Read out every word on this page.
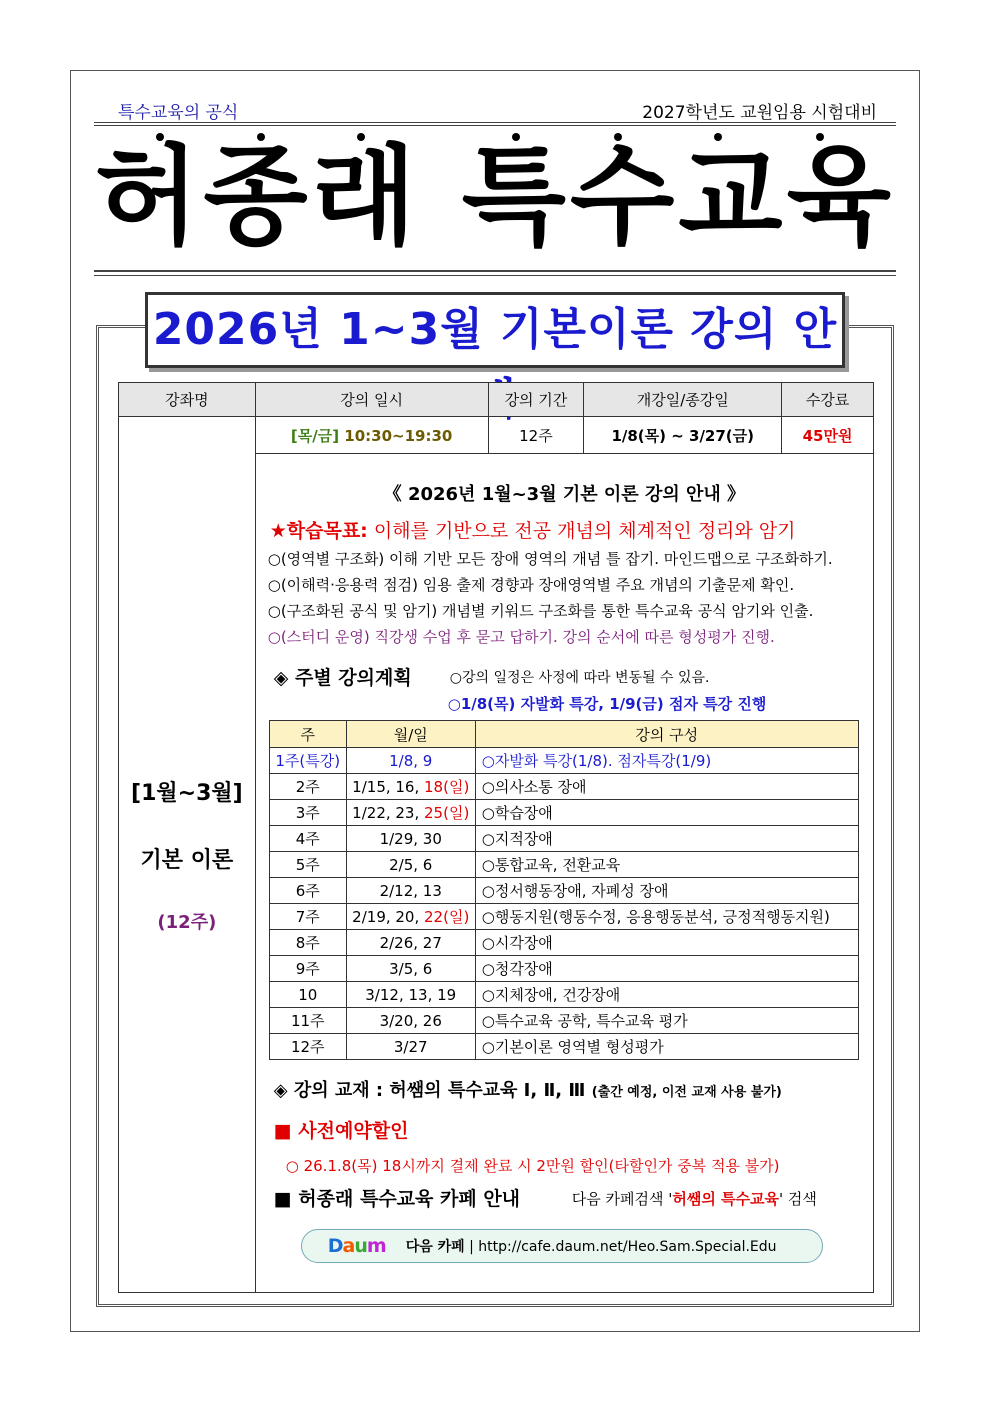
특수교육의 공식	2027학년도 교원임용 시험대비
허종래 특수교육
2026년 1~3월 기본이론 강의 안
강좌명	강의 일시	강의 기간	개강일/종강일	수강료

[1월~3월]
기본 이론
(12주)
	[목/금] 10:30~19:30	12주	1/8(목) ~ 3/27(금)	45만원

《 2026년 1월~3월 기본 이론 강의 안내 》
★학습목표: 이해를 기반으로 전공 개념의 체계적인 정리와 암기
○(영역별 구조화) 이해 기반 모든 장애 영역의 개념 틀 잡기. 마인드맵으로 구조화하기.
○(이해력·응용력 점검) 임용 출제 경향과 장애영역별 주요 개념의 기출문제 확인.
○(구조화된 공식 및 암기) 개념별 키워드 구조화를 통한 특수교육 공식 암기와 인출.
○(스터디 운영) 직강생 수업 후 묻고 답하기. 강의 순서에 따른 형성평가 진행.
◈ 주별 강의계획	○강의 일정은 사정에 따라 변동될 수 있음.
○1/8(목) 자발화 특강, 1/9(금) 점자 특강 진행
주	월/일	강의 구성
1주(특강)	1/8, 9	○자발화 특강(1/8). 점자특강(1/9)
2주	1/15, 16, 18(일)	○의사소통 장애
3주	1/22, 23, 25(일)	○학습장애
4주	1/29, 30	○지적장애
5주	2/5, 6	○통합교육, 전환교육
6주	2/12, 13	○정서행동장애, 자폐성 장애
7주	2/19, 20, 22(일)	○행동지원(행동수정, 응용행동분석, 긍정적행동지원)
8주	2/26, 27	○시각장애
9주	3/5, 6	○청각장애
10	3/12, 13, 19	○지체장애, 건강장애
11주	3/20, 26	○특수교육 공학, 특수교육 평가
12주	3/27	○기본이론 영역별 형성평가
◈ 강의 교재 : 허쌤의 특수교육 Ⅰ, Ⅱ, Ⅲ (출간 예정, 이전 교재 사용 불가)
■ 사전예약할인
○ 26.1.8(목) 18시까지 결제 완료 시 2만원 할인(타할인가 중복 적용 불가)
■ 허종래 특수교육 카페 안내	다음 카페검색 '허쌤의 특수교육' 검색
Daum 다음 카페 | http://cafe.daum.net/Heo.Sam.Special.Edu
